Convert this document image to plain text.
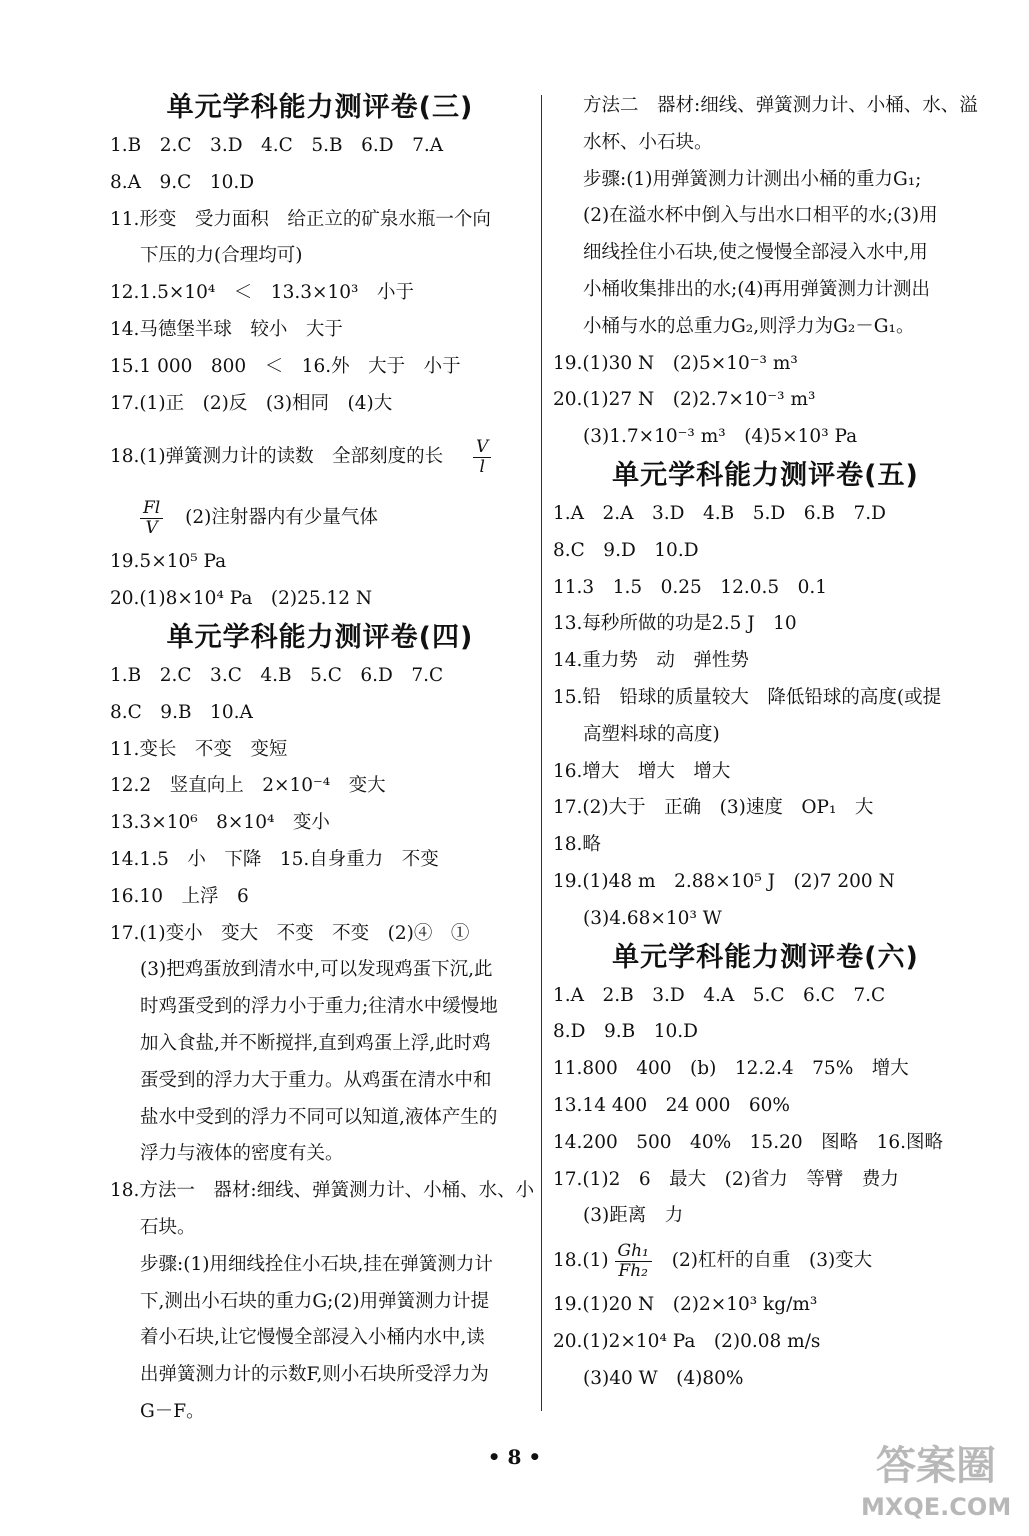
单元学科能力测评卷(三)
1.B　2.C　3.D　4.C　5.B　6.D　7.A
8.A　9.C　10.D
11.形变　受力面积　给正立的矿泉水瓶一个向
下压的力(合理均可)
12.1.5×10⁴　＜　13.3×10³　小于
14.马德堡半球　较小　大于
15.1 000　800　＜　16.外　大于　小于
17.(1)正　(2)反　(3)相同　(4)大
18.(1)弹簧测力计的读数　全部刻度的长 $\frac{V}{l}$
$\frac{Fl}{V} (2)$注射器内有少量气体
19.5×10⁵ Pa
20.(1)8×10⁴ Pa　(2)25.12 N
单元学科能力测评卷(四)
1.B　2.C　3.C　4.B　5.C　6.D　7.C
8.C　9.B　10.A
11.变长　不变　变短
12.2　竖直向上　2×10⁻⁴　变大
13.3×10⁶　8×10⁴　变小
14.1.5　小　下降　15.自身重力　不变
16.10　上浮　6
17.(1)变小　变大　不变　不变　(2)④　①
(3)把鸡蛋放到清水中,可以发现鸡蛋下沉,此
时鸡蛋受到的浮力小于重力;往清水中缓慢地
加入食盐,并不断搅拌,直到鸡蛋上浮,此时鸡
蛋受到的浮力大于重力。从鸡蛋在清水中和
盐水中受到的浮力不同可以知道,液体产生的
浮力与液体的密度有关。
18.方法一　器材:细线、弹簧测力计、小桶、水、小
石块。
步骤:(1)用细线拴住小石块,挂在弹簧测力计
下,测出小石块的重力G;(2)用弹簧测力计提
着小石块,让它慢慢全部浸入小桶内水中,读
出弹簧测力计的示数F,则小石块所受浮力为
G－F。
方法二　器材:细线、弹簧测力计、小桶、水、溢
水杯、小石块。
步骤:(1)用弹簧测力计测出小桶的重力G₁;
(2)在溢水杯中倒入与出水口相平的水;(3)用
细线拴住小石块,使之慢慢全部浸入水中,用
小桶收集排出的水;(4)再用弹簧测力计测出
小桶与水的总重力G₂,则浮力为G₂－G₁。
19.(1)30 N　(2)5×10⁻³ m³
20.(1)27 N　(2)2.7×10⁻³ m³
(3)1.7×10⁻³ m³　(4)5×10³ Pa
单元学科能力测评卷(五)
1.A　2.A　3.D　4.B　5.D　6.B　7.D
8.C　9.D　10.D
11.3　1.5　0.25　12.0.5　0.1
13.每秒所做的功是2.5 J　10
14.重力势　动　弹性势
15.铅　铅球的质量较大　降低铅球的高度(或提
高塑料球的高度)
16.增大　增大　增大
17.(2)大于　正确　(3)速度　OP₁　大
18.略
19.(1)48 m　2.88×10⁵ J　(2)7 200 N
(3)4.68×10³ W
单元学科能力测评卷(六)
1.A　2.B　3.D　4.A　5.C　6.C　7.C
8.D　9.B　10.D
11.800　400　(b)　12.2.4　75%　增大
13.14 400　24 000　60%
14.200　500　40%　15.20　图略　16.图略
17.(1)2　6　最大　(2)省力　等臂　费力
(3)距离　力
$18.(1) \frac{\text{Gh₁}}{\text{Fh₂}} (2)$杠杆的自重　(3)变大
19.(1)20 N　(2)2×10³ kg/m³
20.(1)2×10⁴ Pa　(2)0.08 m/s
(3)40 W　(4)80%
• 8 •	答案圈
MXQE.COM
